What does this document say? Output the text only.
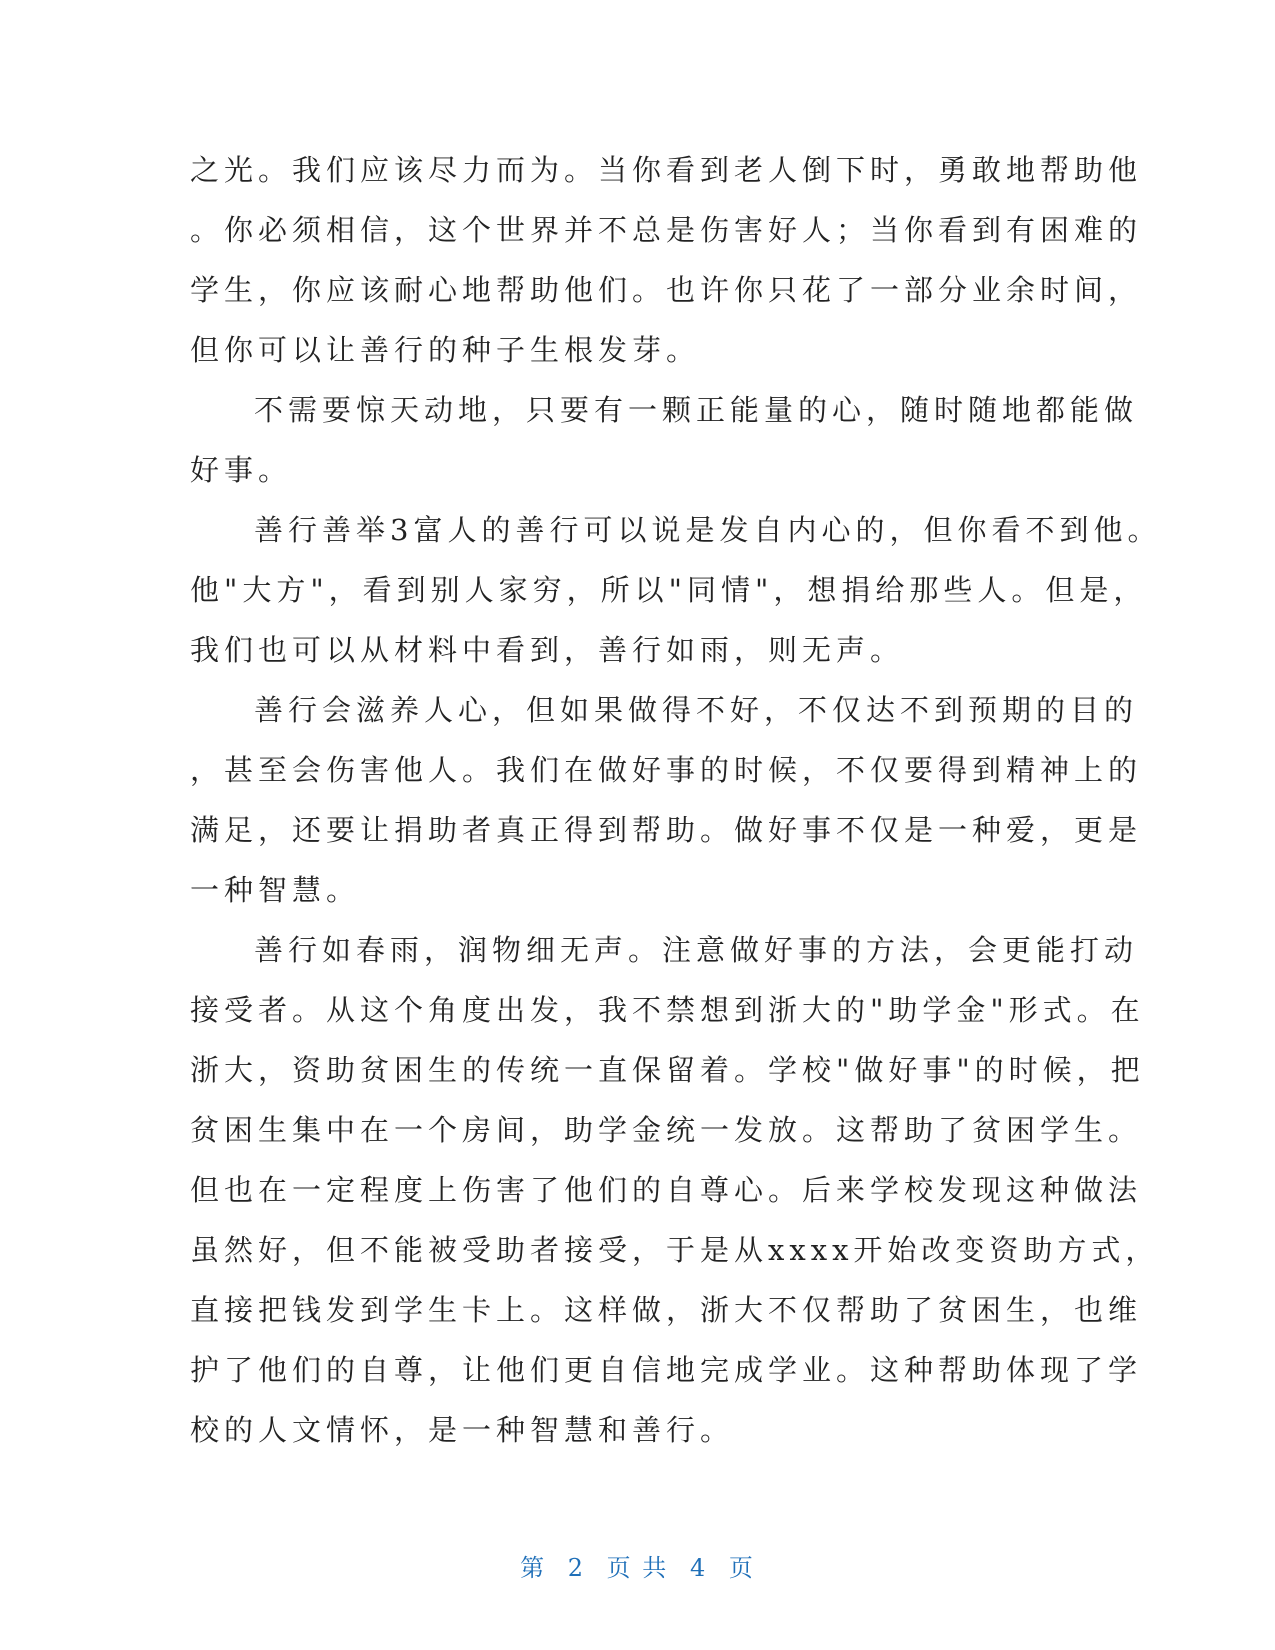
之光。我们应该尽力而为。当你看到老人倒下时，勇敢地帮助他
。你必须相信，这个世界并不总是伤害好人；当你看到有困难的
学生，你应该耐心地帮助他们。也许你只花了一部分业余时间，
但你可以让善行的种子生根发芽。
不需要惊天动地，只要有一颗正能量的心，随时随地都能做
好事。
善行善举3富人的善行可以说是发自内心的，但你看不到他。
他"大方"，看到别人家穷，所以"同情"，想捐给那些人。但是，
我们也可以从材料中看到，善行如雨，则无声。
善行会滋养人心，但如果做得不好，不仅达不到预期的目的
，甚至会伤害他人。我们在做好事的时候，不仅要得到精神上的
满足，还要让捐助者真正得到帮助。做好事不仅是一种爱，更是
一种智慧。
善行如春雨，润物细无声。注意做好事的方法，会更能打动
接受者。从这个角度出发，我不禁想到浙大的"助学金"形式。在
浙大，资助贫困生的传统一直保留着。学校"做好事"的时候，把
贫困生集中在一个房间，助学金统一发放。这帮助了贫困学生。
但也在一定程度上伤害了他们的自尊心。后来学校发现这种做法
虽然好，但不能被受助者接受，于是从xxxx开始改变资助方式，
直接把钱发到学生卡上。这样做，浙大不仅帮助了贫困生，也维
护了他们的自尊，让他们更自信地完成学业。这种帮助体现了学
校的人文情怀，是一种智慧和善行。
第 2 页 共 4 页
